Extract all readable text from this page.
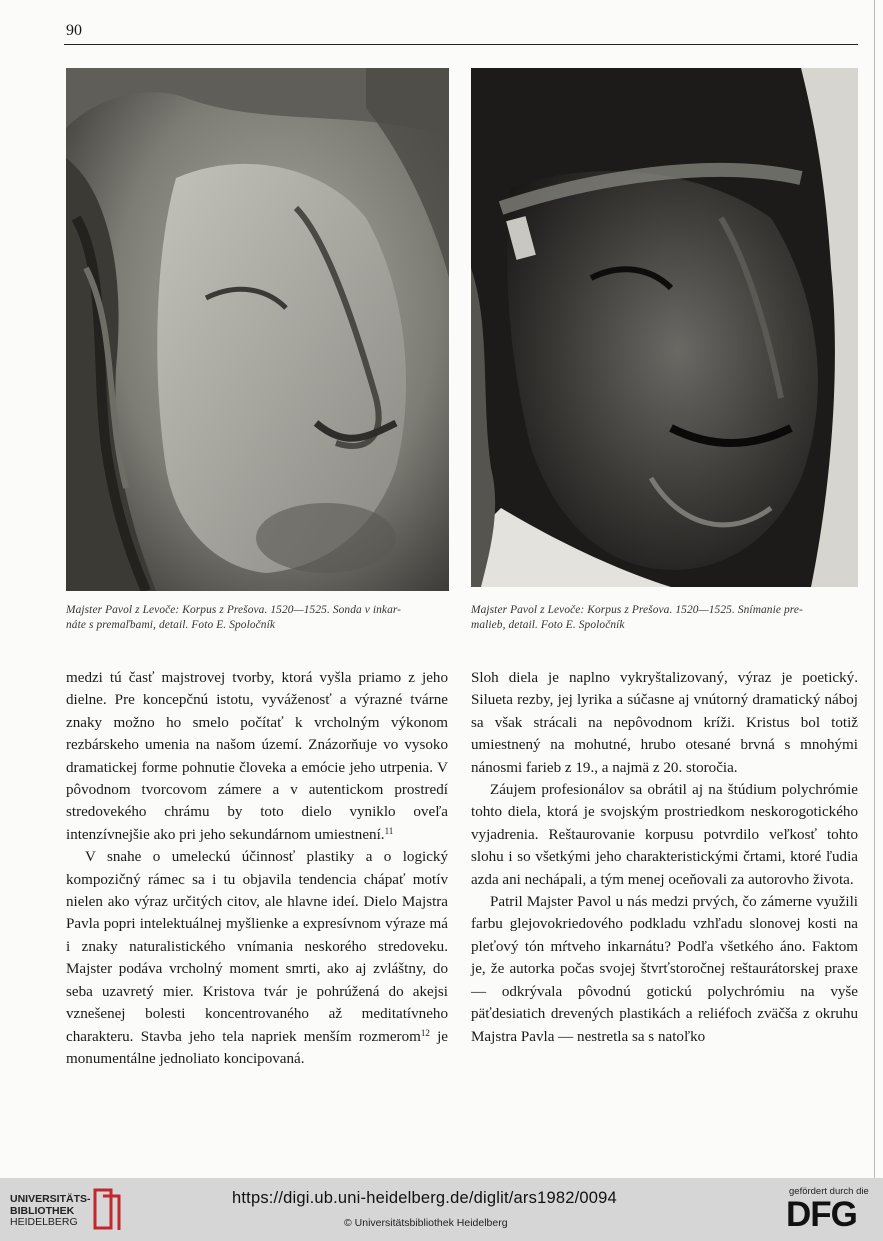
90
Majster Pavol z Levoče: Korpus z Prešova. 1520—1525. Sonda v inkar-
náte s premaľbami, detail. Foto E. Spoločník
Majster Pavol z Levoče: Korpus z Prešova. 1520—1525. Snímanie pre-
malieb, detail. Foto E. Spoločník

medzi tú časť majstrovej tvorby, ktorá vyšla priamo z jeho dielne. Pre koncepčnú istotu, vyváženosť a výrazné tvárne znaky možno ho smelo počítať k vrcholným výkonom rezbárskeho umenia na našom území. Znázorňuje vo vysoko dramatickej forme pohnutie človeka a emócie jeho utrpenia. V pôvodnom tvorcovom zámere a v autentickom prostredí stredovekého chrámu by toto dielo vyniklo oveľa intenzívnejšie ako pri jeho sekundárnom umiestnení.$^{11}$

V snahe o umeleckú účinnosť plastiky a o logický kompozičný rámec sa i tu objavila tendencia chápať motív nielen ako výraz určitých citov, ale hlavne ideí. Dielo Majstra Pavla popri intelektuálnej myšlienke a expresívnom výraze má i znaky naturalistického vnímania neskorého stredoveku. Majster podáva vrcholný moment smrti, ako aj zvláštny, do seba uzavretý mier. Kristova tvár je pohrúžená do akejsi vznešenej bolesti koncentrovaného až meditatívneho charakteru. Stavba jeho tela napriek menším rozmerom$^{12}$ je monumentálne jednoliato koncipovaná.

Sloh diela je naplno vykryštalizovaný, výraz je poetický. Silueta rezby, jej lyrika a súčasne aj vnútorný dramatický náboj sa však strácali na nepôvodnom kríži. Kristus bol totiž umiestnený na mohutné, hrubo otesané brvná s mnohými nánosmi farieb z 19., a najmä z 20. storočia.

Záujem profesionálov sa obrátil aj na štúdium polychrómie tohto diela, ktorá je svojským prostriedkom neskorogotického vyjadrenia. Reštaurovanie korpusu potvrdilo veľkosť tohto slohu i so všetkými jeho charakteristickými črtami, ktoré ľudia azda ani nechápali, a tým menej oceňovali za autorovho života.

Patril Majster Pavol u nás medzi prvých, čo zámerne využili farbu glejovokriedového podkladu vzhľadu slonovej kosti na pleťový tón mŕtveho inkarnátu? Podľa všetkého áno. Faktom je, že autorka počas svojej štvrťstoročnej reštaurátorskej praxe — odkrývala pôvodnú gotickú polychrómiu na vyše päťdesiatich drevených plastikách a reliéfoch zväčša z okruhu Majstra Pavla — nestretla sa s natoľko

UNIVERSITÄTS-
BIBLIOTHEK
HEIDELBERG
https://digi.ub.uni-heidelberg.de/diglit/ars1982/0094
© Universitätsbibliothek Heidelberg
gefördert durch die
DFG
